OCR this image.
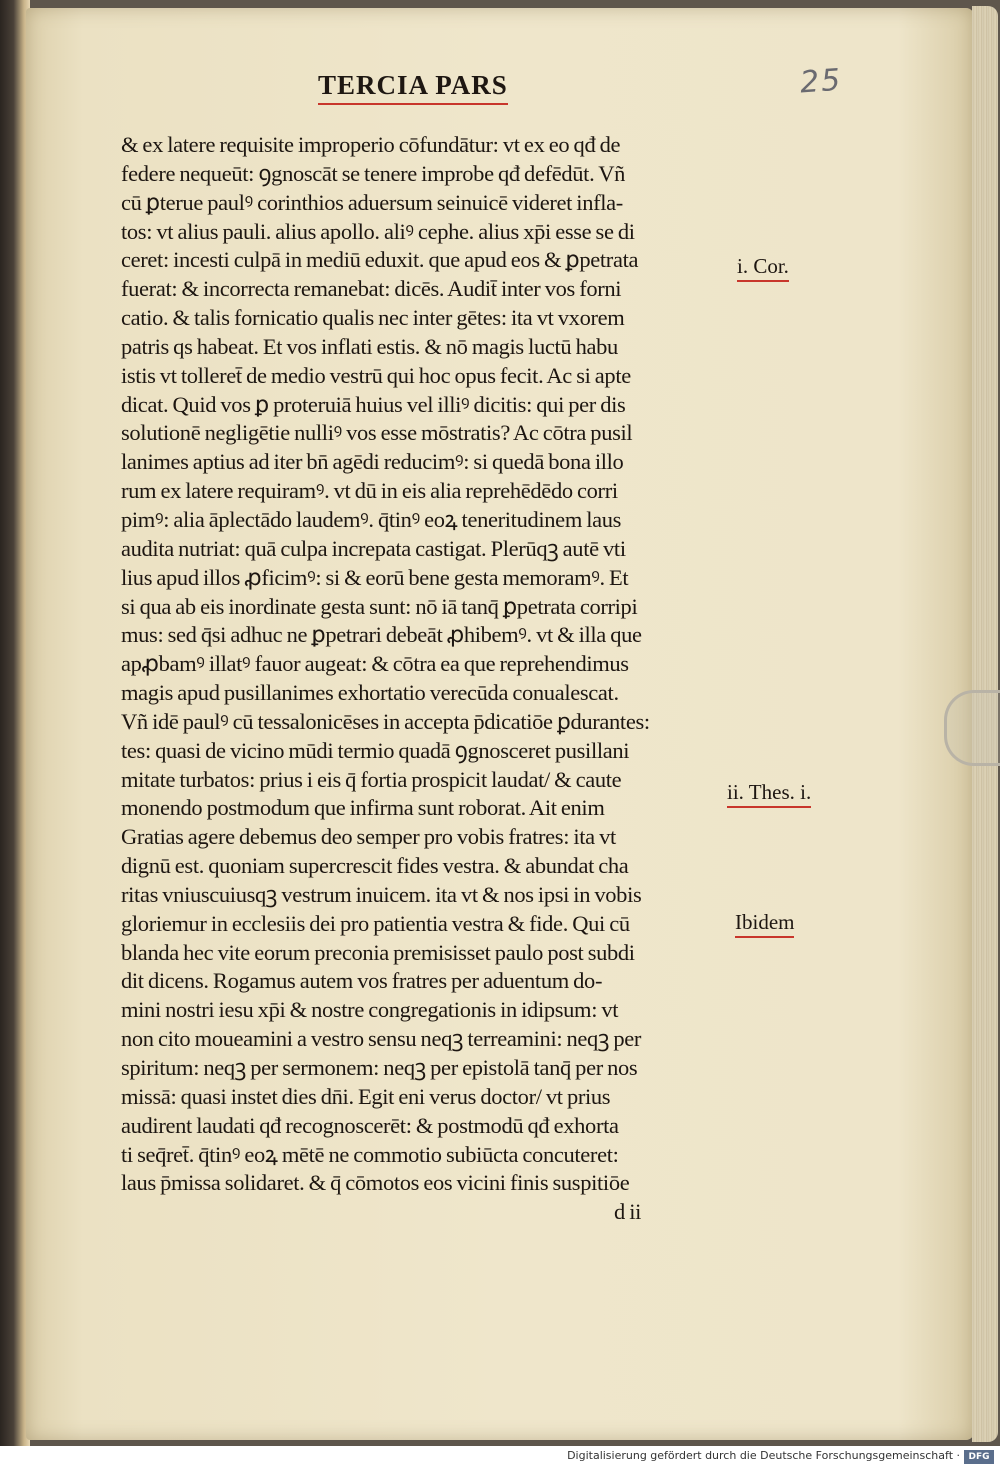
25
TERCIA PARS
& ex latere requisite improperio cōfundātur: vt ex eo qđ de
federe nequeūt: ꝯgnoscāt se tenere improbe qđ defēdūt. Vñ
cū ꝑterue paulꝰ corinthios aduersum seinuicē videret infla-
tos: vt alius pauli. alius apollo. aliꝰ cephe. alius xp̄i esse se di
ceret: incesti culpā in mediū eduxit. que apud eos & ꝑpetrata
fuerat: & incorrecta remanebat: dicēs. Audit̄ inter vos forni
catio. & talis fornicatio qualis nec inter gētes: ita vt vxorem
patris qs habeat. Et vos inflati estis. & nō magis luctū habu
istis vt tolleret̄ de medio vestrū qui hoc opus fecit. Ac si apte
dicat. Quid vos ꝑ proteruiā huius vel illiꝰ dicitis: qui per dis
solutionē negligētie nulliꝰ vos esse mōstratis? Ac cōtra pusil
lanimes aptius ad iter bn̄ agēdi reducimꝰ: si quedā bona illo
rum ex latere requiramꝰ. vt dū in eis alia reprehēdēdo corri
pimꝰ: alia āplectādo laudemꝰ. q̄tinꝰ eoꝝ teneritudinem laus
audita nutriat: quā culpa increpata castigat. Plerūqꝫ autē vti
lius apud illos ꝓficimꝰ: si & eorū bene gesta memoramꝰ. Et
si qua ab eis inordinate gesta sunt: nō iā tanq̄ ꝑpetrata corripi
mus: sed q̄si adhuc ne ꝑpetrari debeāt ꝓhibemꝰ. vt & illa que
apꝓbamꝰ illatꝰ fauor augeat: & cōtra ea que reprehendimus
magis apud pusillanimes exhortatio verecūda conualescat.
Vñ idē paulꝰ cū tessalonicēses in accepta p̄dicatiōe ꝑdurantes:
tes: quasi de vicino mūdi termio quadā ꝯgnosceret pusillani
mitate turbatos: prius i eis q̄ fortia prospicit laudat/ & caute
monendo postmodum que infirma sunt roborat. Ait enim
Gratias agere debemus deo semper pro vobis fratres: ita vt
dignū est. quoniam supercrescit fides vestra. & abundat cha
ritas vniuscuiusqꝫ vestrum inuicem. ita vt & nos ipsi in vobis
gloriemur in ecclesiis dei pro patientia vestra & fide. Qui cū
blanda hec vite eorum preconia premisisset paulo post subdi
dit dicens. Rogamus autem vos fratres per aduentum do-
mini nostri iesu xp̄i & nostre congregationis in idipsum: vt
non cito moueamini a vestro sensu neqꝫ terreamini: neqꝫ per
spiritum: neqꝫ per sermonem: neqꝫ per epistolā tanq̄ per nos
missā: quasi instet dies dn̄i. Egit eni verus doctor/ vt prius
audirent laudati qđ recognoscerēt: & postmodū qđ exhorta
ti seq̄ret̄. q̄tinꝰ eoꝝ mētē ne commotio subiūcta concuteret:
laus p̄missa solidaret. & q̄ cōmotos eos vicini finis suspitiōe
d ii
i. Cor.
ii. Thes. i.
Ibidem
Digitalisierung gefördert durch die Deutsche Forschungsgemeinschaft · DFG
